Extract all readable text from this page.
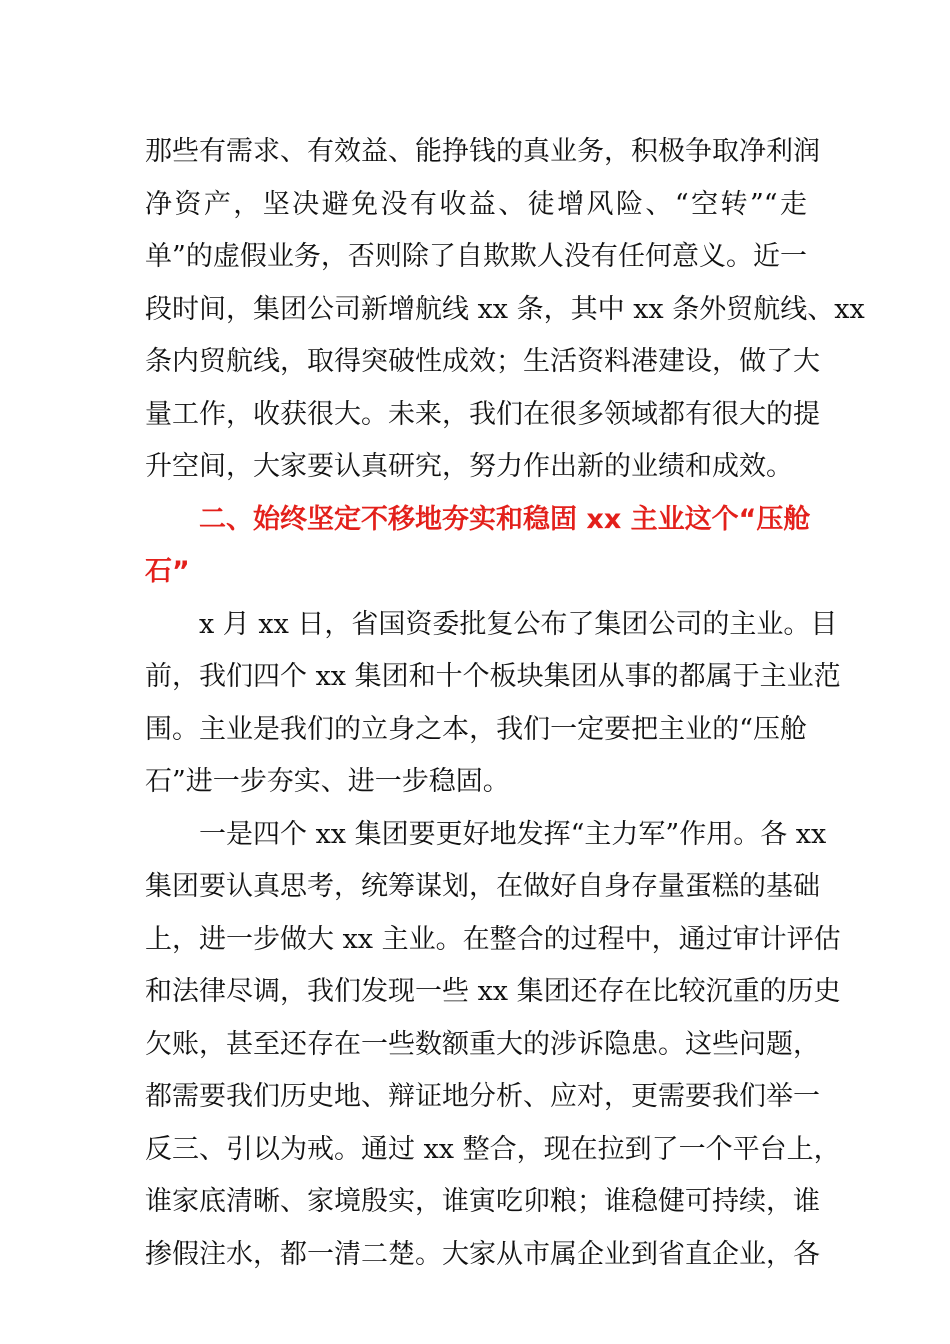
那些有需求、有效益、能挣钱的真业务，积极争取净利润
净资产，坚决避免没有收益、徒增风险、“空转”“走
单”的虚假业务，否则除了自欺欺人没有任何意义。近一
段时间，集团公司新增航线 xx 条，其中 xx 条外贸航线、xx
条内贸航线，取得突破性成效；生活资料港建设，做了大
量工作，收获很大。未来，我们在很多领域都有很大的提
升空间，大家要认真研究，努力作出新的业绩和成效。
二、始终坚定不移地夯实和稳固 xx 主业这个“压舱
石”
x 月 xx 日，省国资委批复公布了集团公司的主业。目
前，我们四个 xx 集团和十个板块集团从事的都属于主业范
围。主业是我们的立身之本，我们一定要把主业的“压舱
石”进一步夯实、进一步稳固。
一是四个 xx 集团要更好地发挥“主力军”作用。各 xx
集团要认真思考，统筹谋划，在做好自身存量蛋糕的基础
上，进一步做大 xx 主业。在整合的过程中，通过审计评估
和法律尽调，我们发现一些 xx 集团还存在比较沉重的历史
欠账，甚至还存在一些数额重大的涉诉隐患。这些问题，
都需要我们历史地、辩证地分析、应对，更需要我们举一
反三、引以为戒。通过 xx 整合，现在拉到了一个平台上，
谁家底清晰、家境殷实，谁寅吃卯粮；谁稳健可持续，谁
掺假注水，都一清二楚。大家从市属企业到省直企业，各
